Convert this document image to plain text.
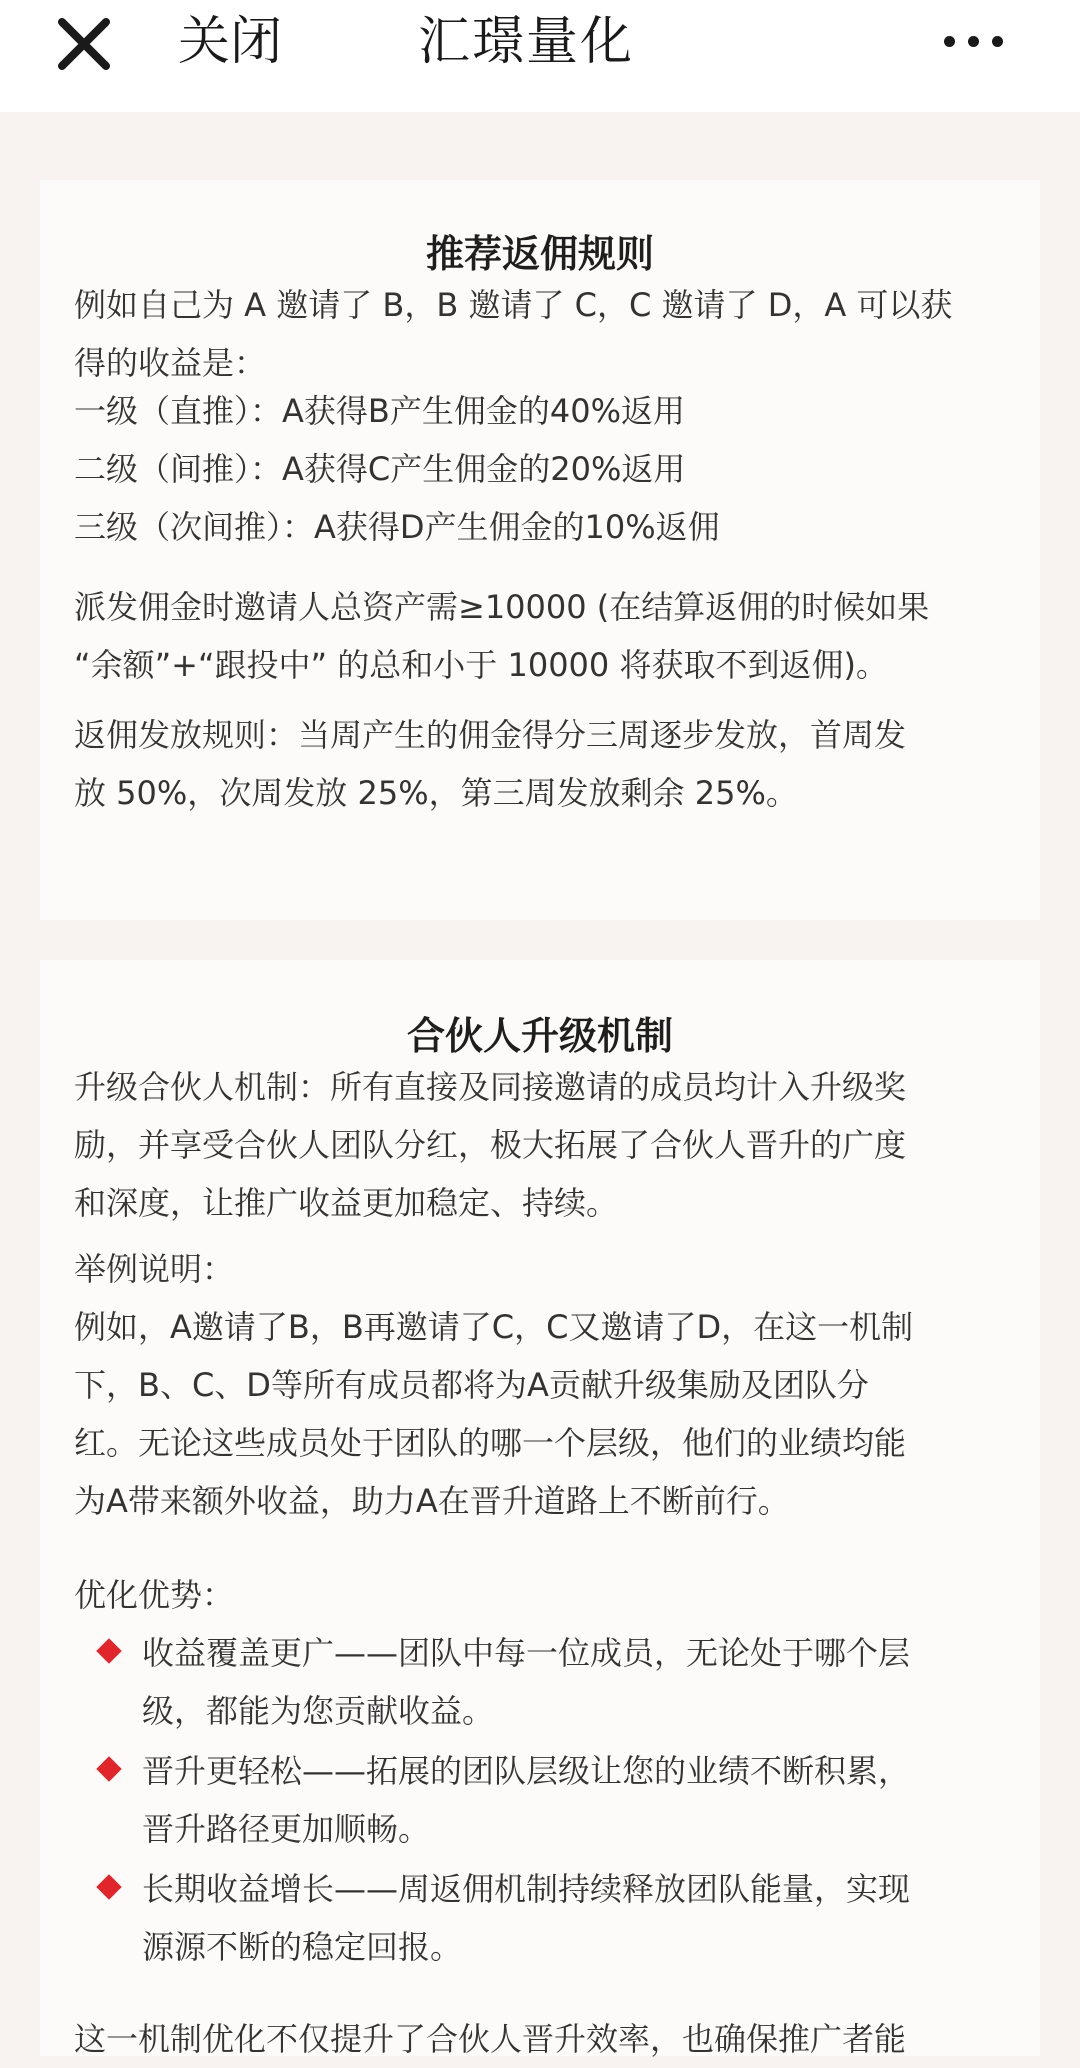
关闭	汇璟量化
推荐返佣规则
例如自己为 A 邀请了 B，B 邀请了 C，C 邀请了 D，A 可以获
得的收益是：
一级（直推）：A获得B产生佣金的40%返用
二级（间推）：A获得C产生佣金的20%返用
三级（次间推）：A获得D产生佣金的10%返佣
派发佣金时邀请人总资产需≥10000 (在结算返佣的时候如果
“余额”+“跟投中” 的总和小于 10000 将获取不到返佣)。
返佣发放规则：当周产生的佣金得分三周逐步发放，首周发
放 50%，次周发放 25%，第三周发放剩余 25%。
合伙人升级机制
升级合伙人机制：所有直接及同接邀请的成员均计入升级奖
励，并享受合伙人团队分红，极大拓展了合伙人晋升的广度
和深度，让推广收益更加稳定、持续。
举例说明：
例如，A邀请了B，B再邀请了C，C又邀请了D，在这一机制
下，B、C、D等所有成员都将为A贡献升级集励及团队分
红。无论这些成员处于团队的哪一个层级，他们的业绩均能
为A带来额外收益，助力A在晋升道路上不断前行。
优化优势：
收益覆盖更广——团队中每一位成员，无论处于哪个层
级，都能为您贡献收益。
晋升更轻松——拓展的团队层级让您的业绩不断积累，
晋升路径更加顺畅。
长期收益增长——周返佣机制持续释放团队能量，实现
源源不断的稳定回报。
这一机制优化不仅提升了合伙人晋升效率，也确保推广者能
